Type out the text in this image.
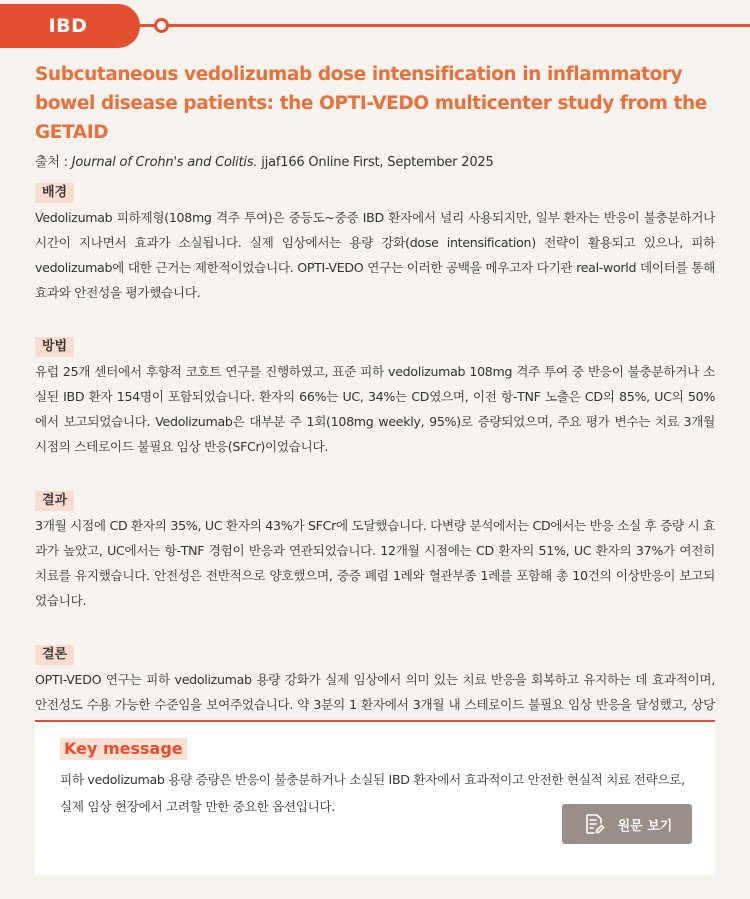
IBD
Subcutaneous vedolizumab dose intensification in inflammatory bowel disease patients: the OPTI-VEDO multicenter study from the GETAID

출처 : Journal of Crohn's and Colitis. jjaf166 Online First, September 2025

배경

Vedolizumab 피하제형(108mg 격주 투여)은 중등도~중증 IBD 환자에서 널리 사용되지만, 일부 환자는 반응이 불충분하거나 시간이 지나면서 효과가 소실됩니다. 실제 임상에서는 용량 강화(dose intensification) 전략이 활용되고 있으나, 피하 vedolizumab에 대한 근거는 제한적이었습니다. OPTI-VEDO 연구는 이러한 공백을 메우고자 다기관 real-world 데이터를 통해 효과와 안전성을 평가했습니다.

방법

유럽 25개 센터에서 후향적 코호트 연구를 진행하였고, 표준 피하 vedolizumab 108mg 격주 투여 중 반응이 불충분하거나 소실된 IBD 환자 154명이 포함되었습니다. 환자의 66%는 UC, 34%는 CD였으며, 이전 항-TNF 노출은 CD의 85%, UC의 50%에서 보고되었습니다. Vedolizumab은 대부분 주 1회(108mg weekly, 95%)로 증량되었으며, 주요 평가 변수는 치료 3개월 시점의 스테로이드 불필요 임상 반응(SFCr)이었습니다.

결과

3개월 시점에 CD 환자의 35%, UC 환자의 43%가 SFCr에 도달했습니다. 다변량 분석에서는 CD에서는 반응 소실 후 증량 시 효과가 높았고, UC에서는 항-TNF 경험이 반응과 연관되었습니다. 12개월 시점에는 CD 환자의 51%, UC 환자의 37%가 여전히 치료를 유지했습니다. 안전성은 전반적으로 양호했으며, 중증 폐렴 1례와 혈관부종 1례를 포함해 총 10건의 이상반응이 보고되었습니다.

결론

OPTI-VEDO 연구는 피하 vedolizumab 용량 강화가 실제 임상에서 의미 있는 치료 반응을 회복하고 유지하는 데 효과적이며, 안전성도 수용 가능한 수준임을 보여주었습니다. 약 3분의 1 환자에서 3개월 내 스테로이드 불필요 임상 반응을 달성했고, 상당

Key message

피하 vedolizumab 용량 증량은 반응이 불충분하거나 소실된 IBD 환자에서 효과적이고 안전한 현실적 치료 전략으로, 실제 임상 현장에서 고려할 만한 중요한 옵션입니다.

원문 보기
